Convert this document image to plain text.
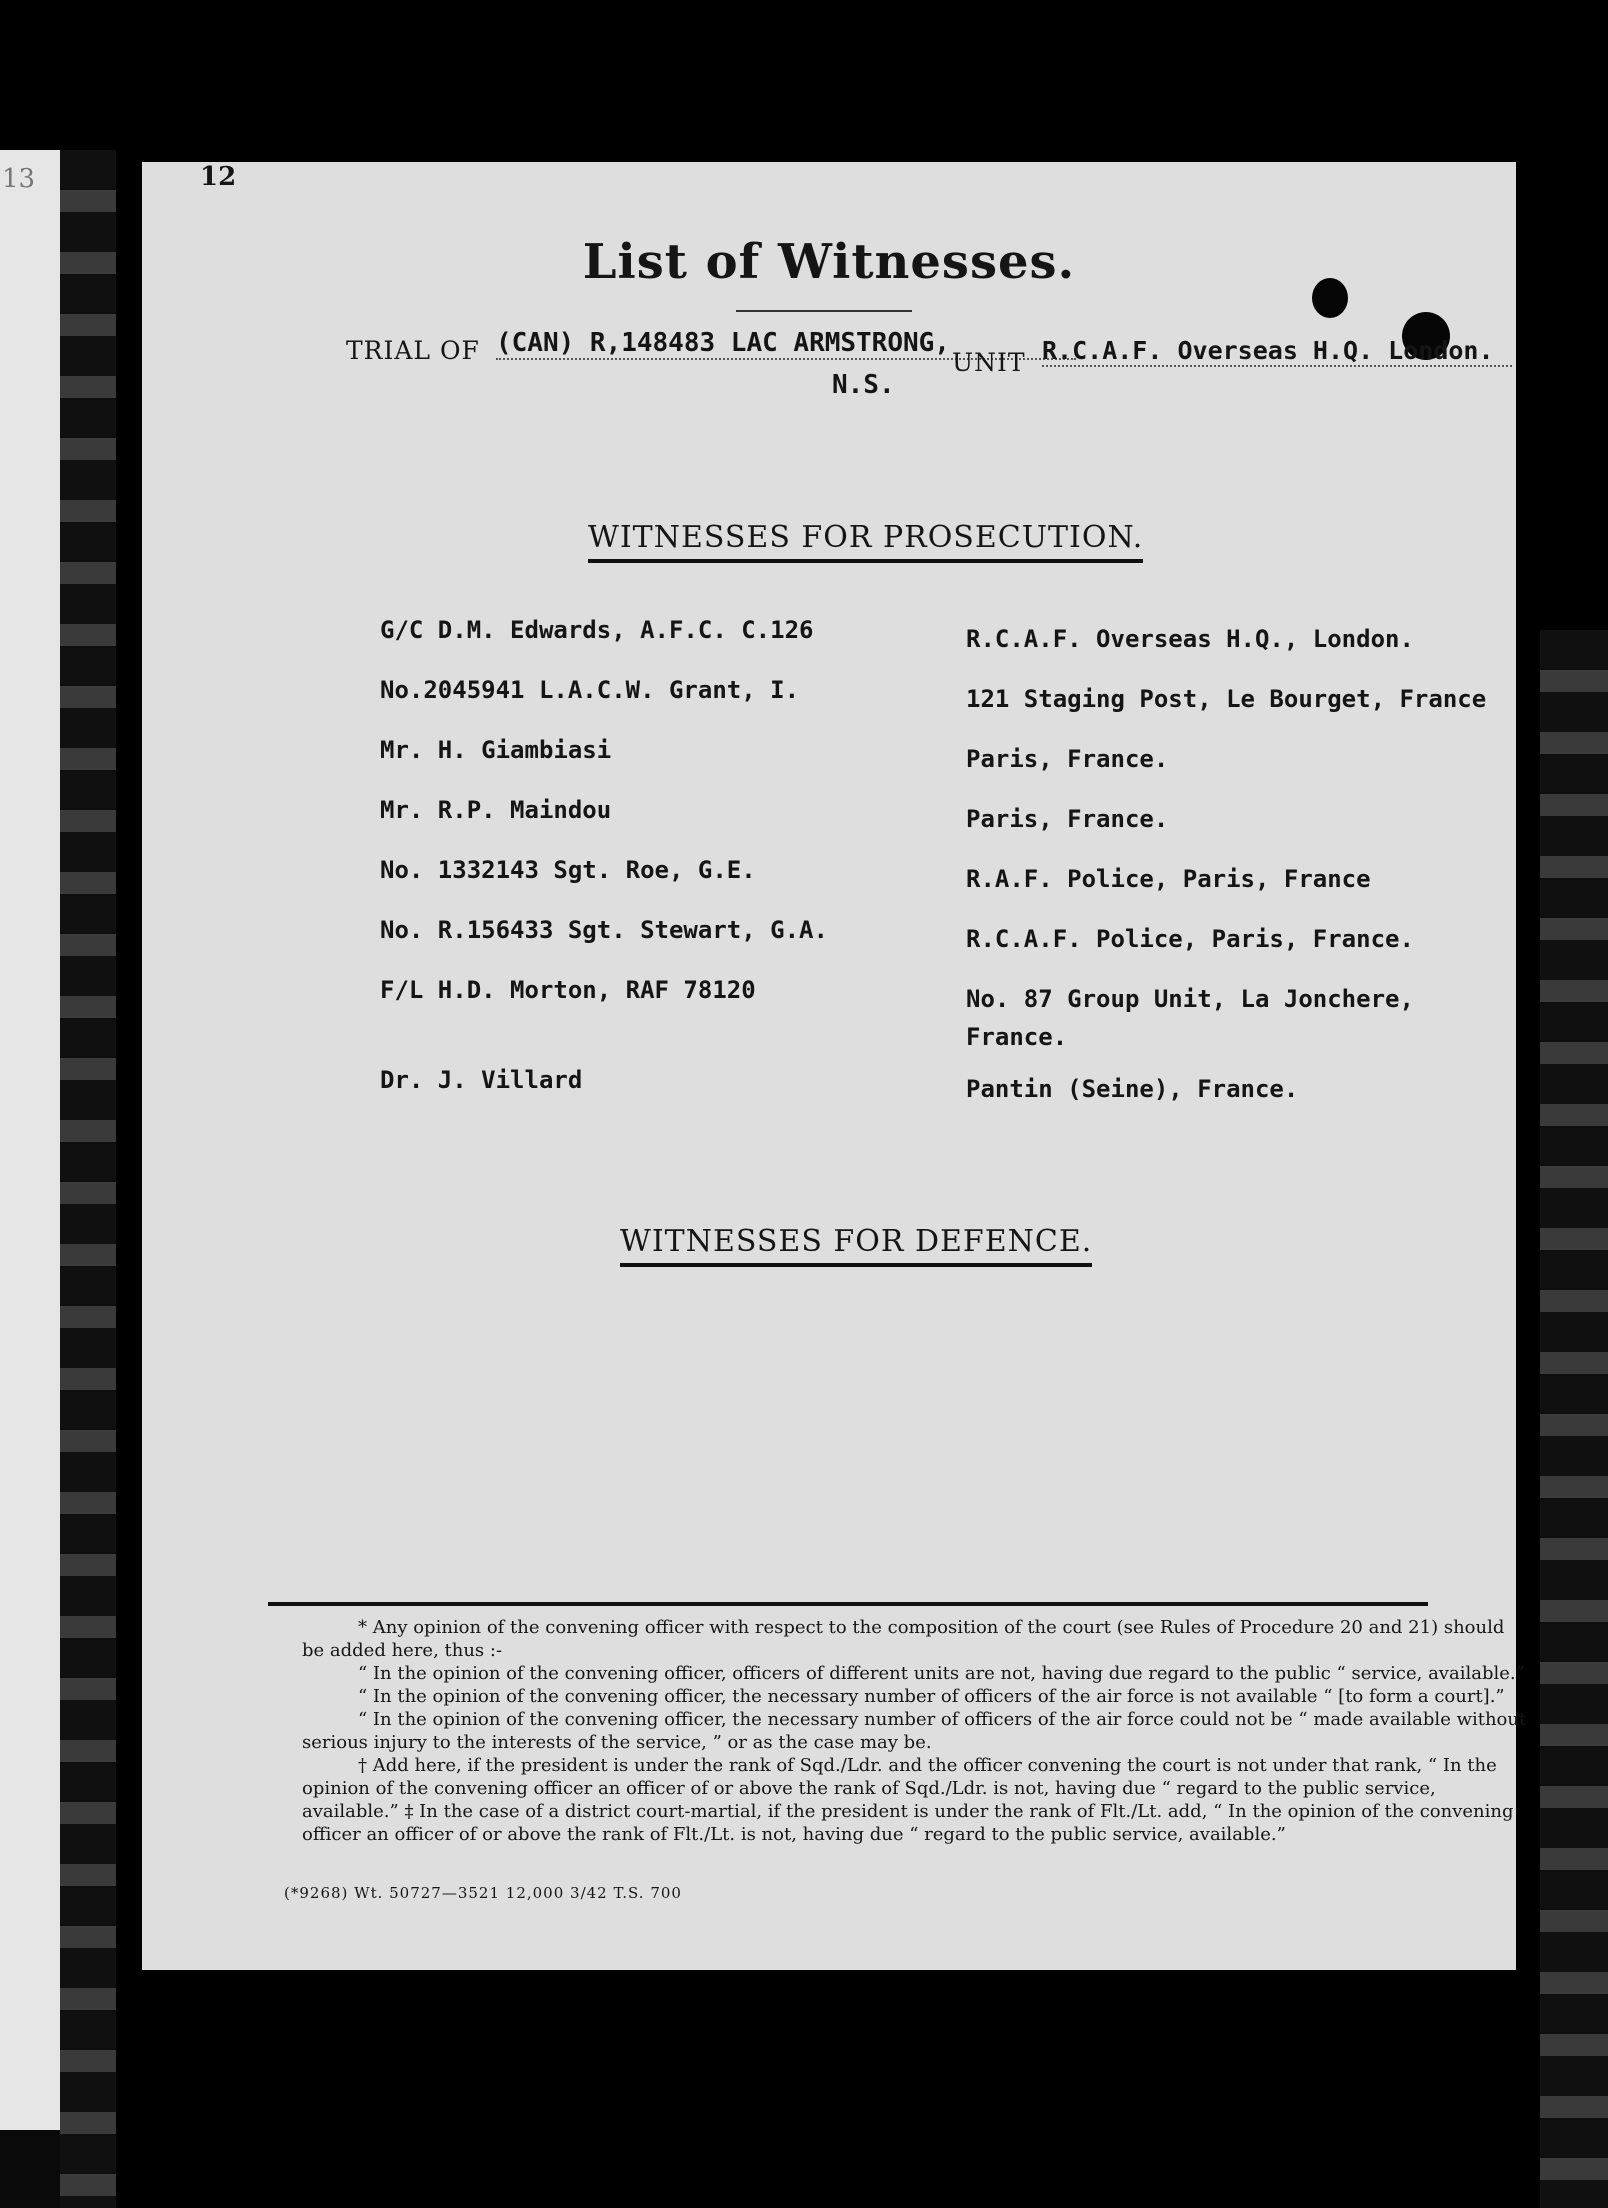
13	12
List of Witnesses.
TRIAL OF (CAN) R,148483 LAC ARMSTRONG,
N.S.
UNIT R.C.A.F. Overseas H.Q. London.
WITNESSES FOR PROSECUTION.
G/C D.M. Edwards, A.F.C. C.126	R.C.A.F. Overseas H.Q., London.
No.2045941 L.A.C.W. Grant, I.	121 Staging Post, Le Bourget, France
Mr. H. Giambiasi	Paris, France.
Mr. R.P. Maindou	Paris, France.
No. 1332143 Sgt. Roe, G.E.	R.A.F. Police, Paris, France
No. R.156433 Sgt. Stewart, G.A.	R.C.A.F. Police, Paris, France.
F/L H.D. Morton, RAF 78120	No. 87 Group Unit, La Jonchere,
France.
Dr. J. Villard	Pantin (Seine), France.
WITNESSES FOR DEFENCE.

* Any opinion of the convening officer with respect to the composition of the court (see Rules of Procedure 20 and 21) should be added here, thus :-

“ In the opinion of the convening officer, officers of different units are not, having due regard to the public “ service, available.”

“ In the opinion of the convening officer, the necessary number of officers of the air force is not available “ [to form a court].”

“ In the opinion of the convening officer, the necessary number of officers of the air force could not be “ made available without serious injury to the interests of the service, ” or as the case may be.

† Add here, if the president is under the rank of Sqd./Ldr. and the officer convening the court is not under that rank, “ In the opinion of the convening officer an officer of or above the rank of Sqd./Ldr. is not, having due “ regard to the public service, available.” ‡ In the case of a district court-martial, if the president is under the rank of Flt./Lt. add, “ In the opinion of the convening officer an officer of or above the rank of Flt./Lt. is not, having due “ regard to the public service, available.”

(*9268) Wt. 50727—3521 12,000 3/42 T.S. 700
